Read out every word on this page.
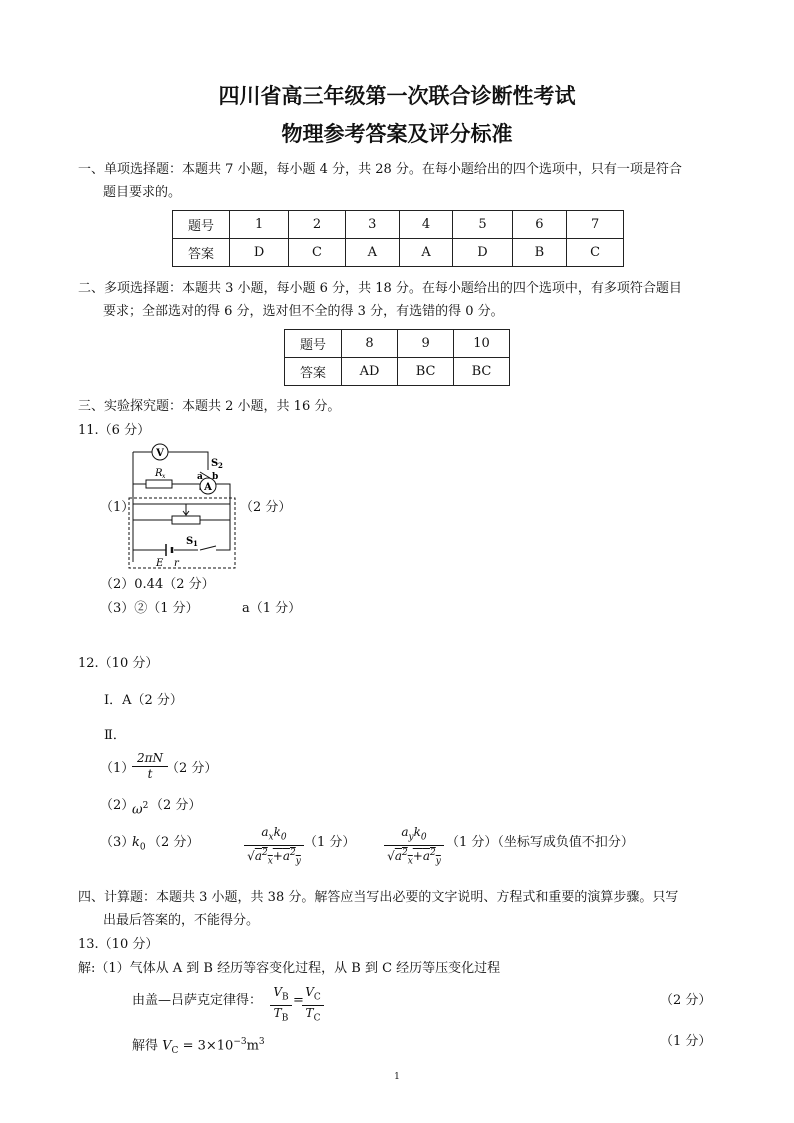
四川省高三年级第一次联合诊断性考试
物理参考答案及评分标准
一、单项选择题：本题共 7 小题，每小题 4 分，共 28 分。在每小题给出的四个选项中，只有一项是符合
题目要求的。
题号	1	2	3	4	5	6	7
答案	D	C	A	A	D	B	C
二、多项选择题：本题共 3 小题，每小题 6 分，共 18 分。在每小题给出的四个选项中，有多项符合题目
要求；全部选对的得 6 分，选对但不全的得 3 分，有选错的得 0 分。
题号	8	9	10
答案	AD	BC	BC
三、实验探究题：本题共 2 小题，共 16 分。
11.（6 分）
（1）	（2 分）
V
A
S 2
a b
R x
S 1
E r
（2）0.44（2 分）
（3）②（1 分）	a（1 分）
12.（10 分）
Ⅰ．A（2 分）
Ⅱ．
（1）
$\frac{2\pi N}{t}$
（2 分）
（2）
$\omega^2$ （2 分）
（3）
$k_0$ （2 分）
$a_xk_0$
$√a^2_x+a^2_y$
（1 分）
$a_yk_0$
$√a^2_x+a^2_y$
（1 分）（坐标写成负值不扣分）
四、计算题：本题共 3 小题，共 38 分。解答应当写出必要的文字说明、方程式和重要的演算步骤。只写
出最后答案的，不能得分。
13.（10 分）
解:（1）气体从 A 到 B 经历等容变化过程，从 B 到 C 经历等压变化过程
由盖—吕萨克定律得： $\frac{V_B}{T_B}$ =
$\frac{V_C}{T_C}$	（2 分）
解得 $V_C = 3\times 10^{-3}m^3$	（1 分）
1
